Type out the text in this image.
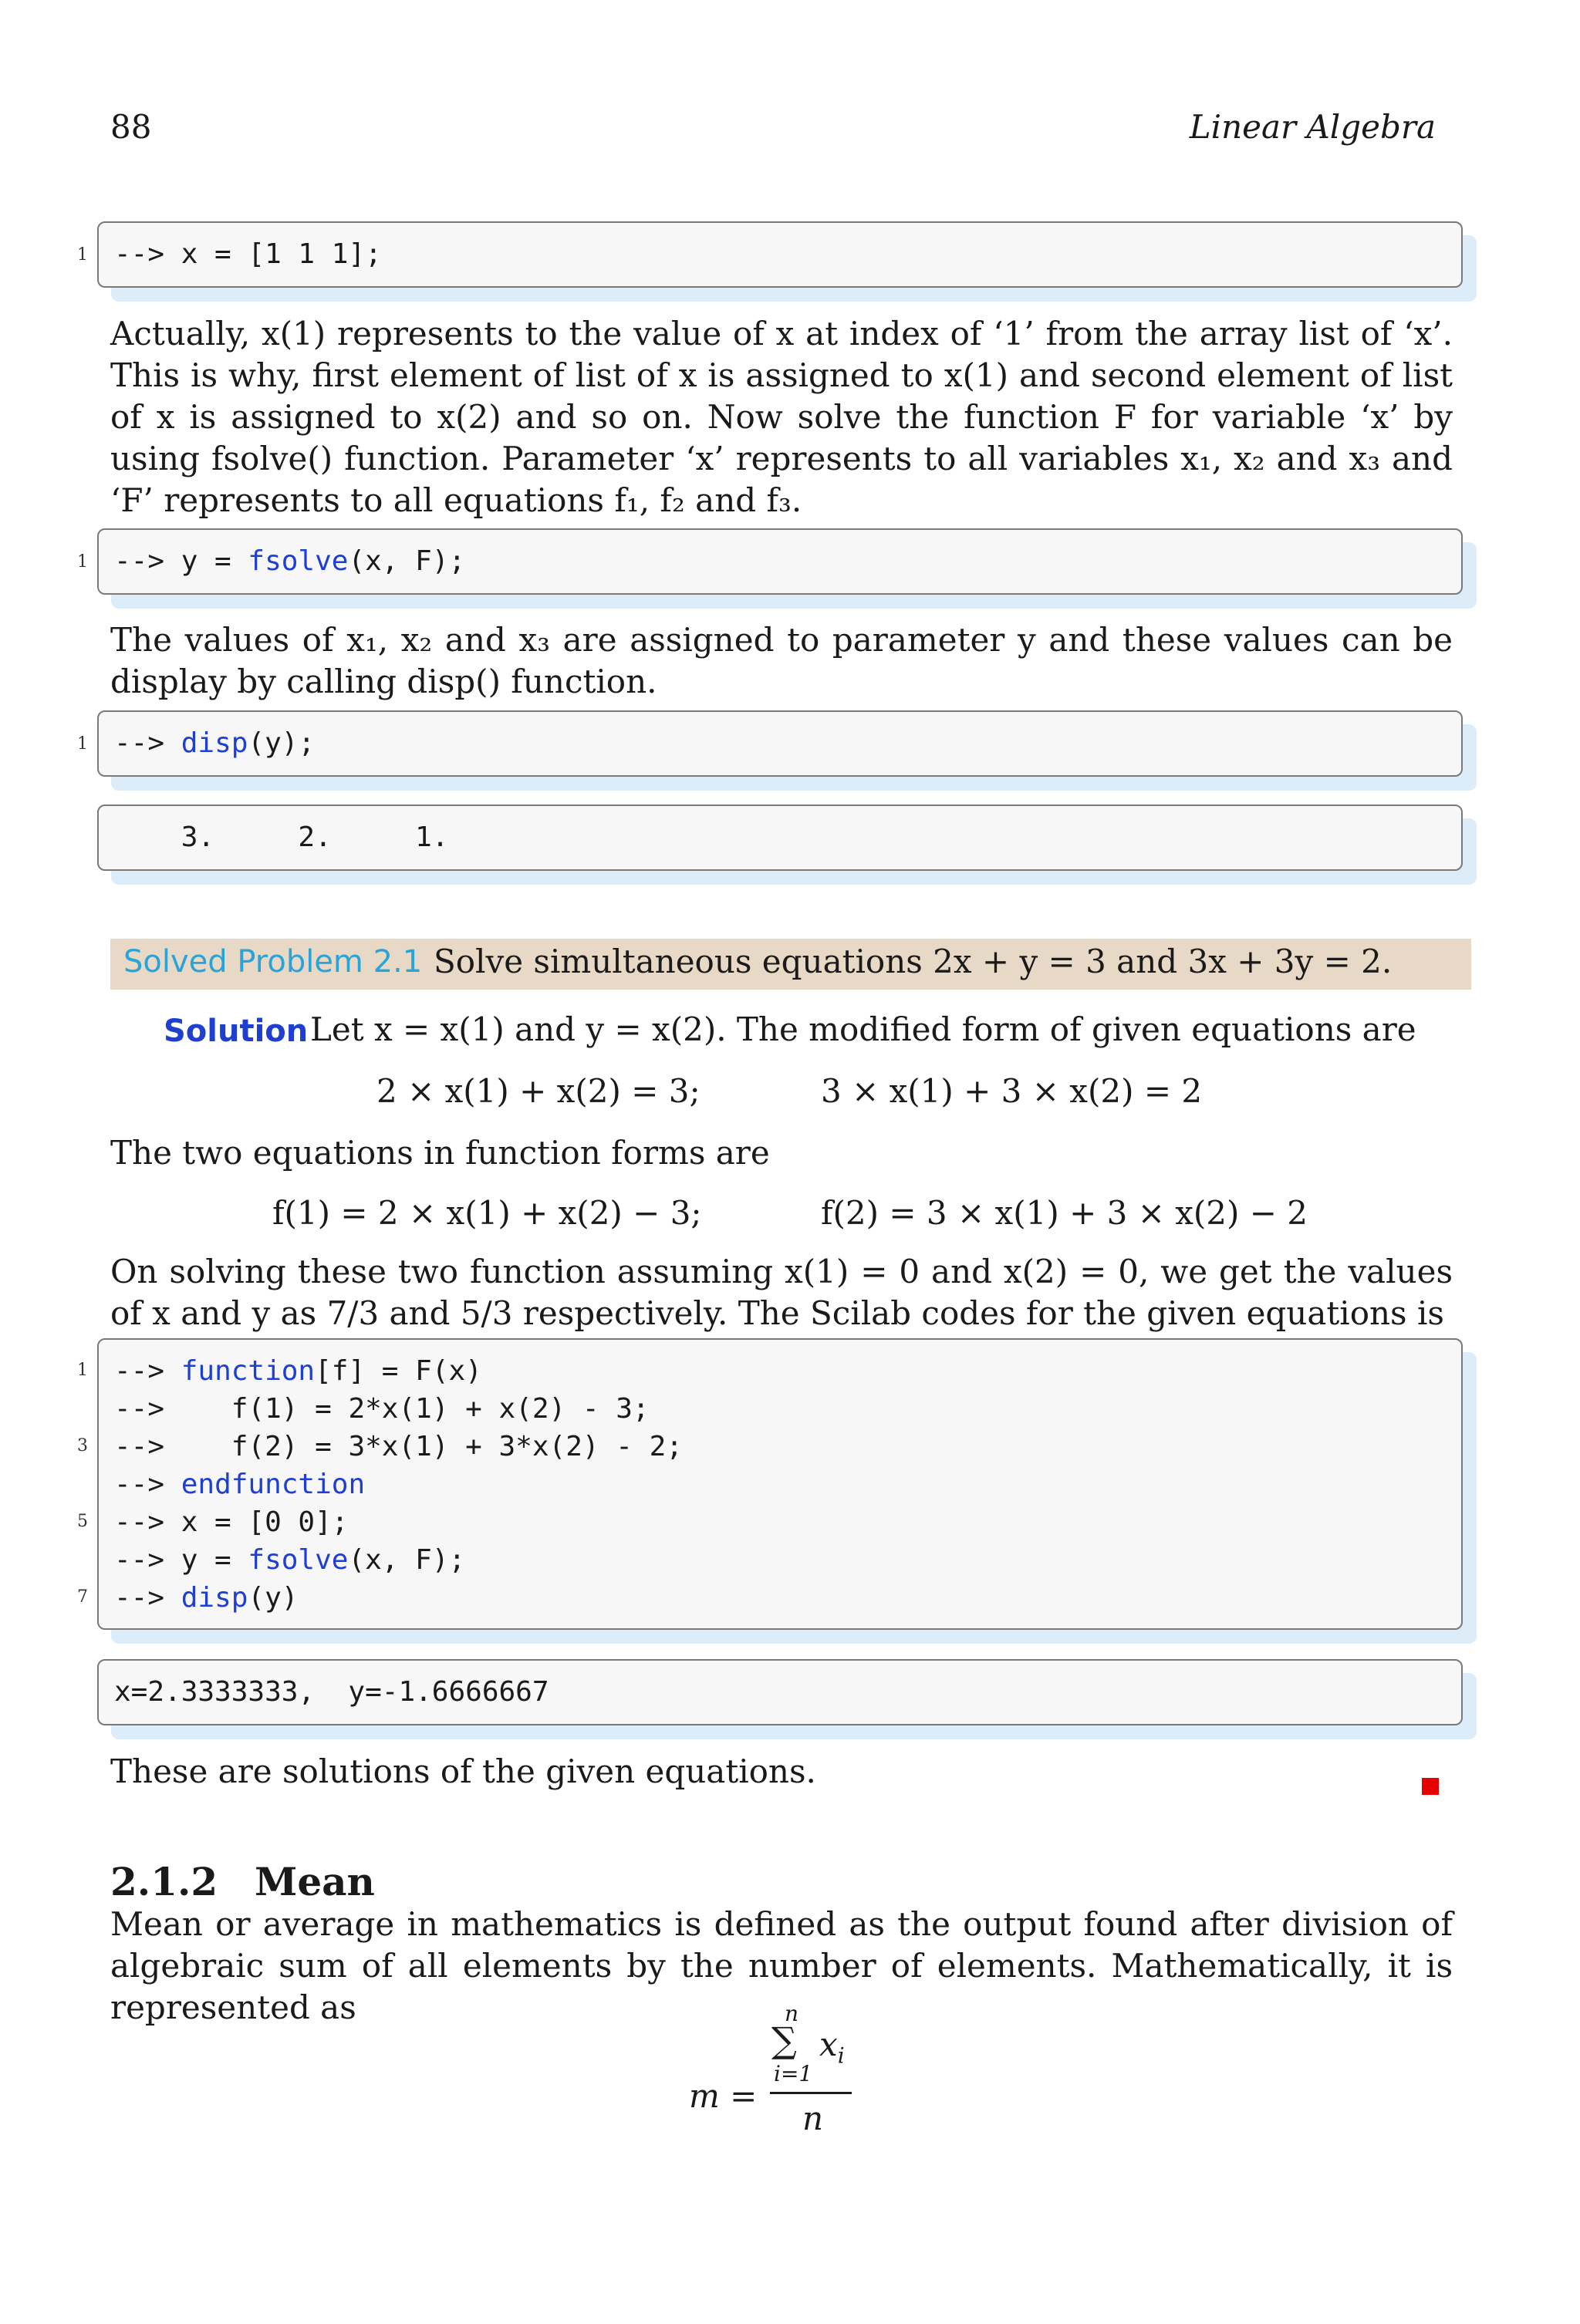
88	Linear Algebra
1 --> x = [1 1 1];
Actually, x(1) represents to the value of x at index of ‘1’ from the array list of ‘x’. This is why, first element of list of x is assigned to x(1) and second element of list of x is assigned to x(2) and so on. Now solve the function F for variable ‘x’ by using fsolve() function. Parameter ‘x’ represents to all variables x₁, x₂ and x₃ and ‘F’ represents to all equations f₁, f₂ and f₃.
1 --> y = fsolve(x, F);
The values of x₁, x₂ and x₃ are assigned to parameter y and these values can be display by calling disp() function.
1 --> disp(y);
3.     2.     1.
Solved Problem 2.1 Solve simultaneous equations 2x + y = 3 and 3x + 3y = 2.
Solution Let x = x(1) and y = x(2). The modified form of given equations are
2 × x(1) + x(2) = 3;	3 × x(1) + 3 × x(2) = 2
The two equations in function forms are
f(1) = 2 × x(1) + x(2) − 3;	f(2) = 3 × x(1) + 3 × x(2) − 2
On solving these two function assuming x(1) = 0 and x(2) = 0, we get the values of x and y as 7/3 and 5/3 respectively. The Scilab codes for the given equations is
--> function[f] = F(x)
-->    f(1) = 2*x(1) + x(2) - 3;
-->    f(2) = 3*x(1) + 3*x(2) - 2;
--> endfunction
--> x = [0 0];
--> y = fsolve(x, F);
--> disp(y)
1
3
5
7
x=2.3333333,  y=-1.6666667
These are solutions of the given equations.
2.1.2 Mean
Mean or average in mathematics is defined as the output found after division of algebraic sum of all elements by the number of elements. Mathematically, it is represented as
m =
n
∑ $x_i$
i=1
n
